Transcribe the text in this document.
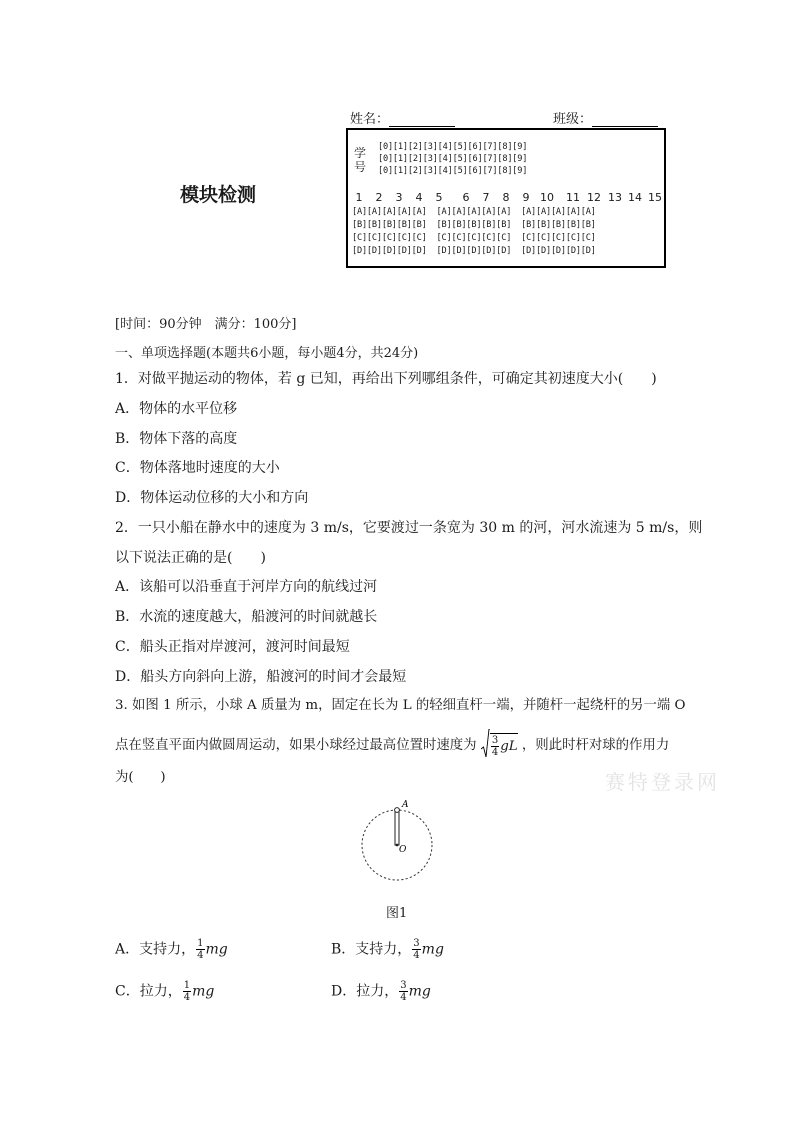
姓名：	班级：
模块检测
学
号
[0][1][2][3][4][5][6][7][8][9]
[0][1][2][3][4][5][6][7][8][9]
[0][1][2][3][4][5][6][7][8][9]
1	2	3	4	5	6	7	8	9 10 11 12 13 14 15
[A][A][A][A][A]  [A][A][A][A][A]  [A][A][A][A][A]
[B][B][B][B][B]  [B][B][B][B][B]  [B][B][B][B][B]
[C][C][C][C][C]  [C][C][C][C][C]  [C][C][C][C][C]
[D][D][D][D][D]  [D][D][D][D][D]  [D][D][D][D][D]
[时间：90分钟　满分：100分]
一、单项选择题(本题共6小题，每小题4分，共24分)
1．对做平抛运动的物体，若 g 已知，再给出下列哪组条件，可确定其初速度大小(　　)
A．物体的水平位移
B．物体下落的高度
C．物体落地时速度的大小
D．物体运动位移的大小和方向
2．一只小船在静水中的速度为 3 m/s，它要渡过一条宽为 30 m 的河，河水流速为 5 m/s，则
以下说法正确的是(　　)
A．该船可以沿垂直于河岸方向的航线过河
B．水流的速度越大，船渡河的时间就越长
C．船头正指对岸渡河，渡河时间最短
D．船头方向斜向上游，船渡河的时间才会最短
3. 如图 1 所示，小球 A 质量为 m，固定在长为 L 的轻细直杆一端，并随杆一起绕杆的另一端 O
点在竖直平面内做圆周运动，如果小球经过最高位置时速度为 $\frac{3}{4}$ gL ，则此时杆对球的作用力
为(　　)
A
O
图1
A．支持力， $\frac{1}{4}$ mg	B．支持力， $\frac{3}{4}$ mg
C．拉力， $\frac{1}{4}$ mg	D．拉力， $\frac{3}{4}$ mg
赛特登录网
